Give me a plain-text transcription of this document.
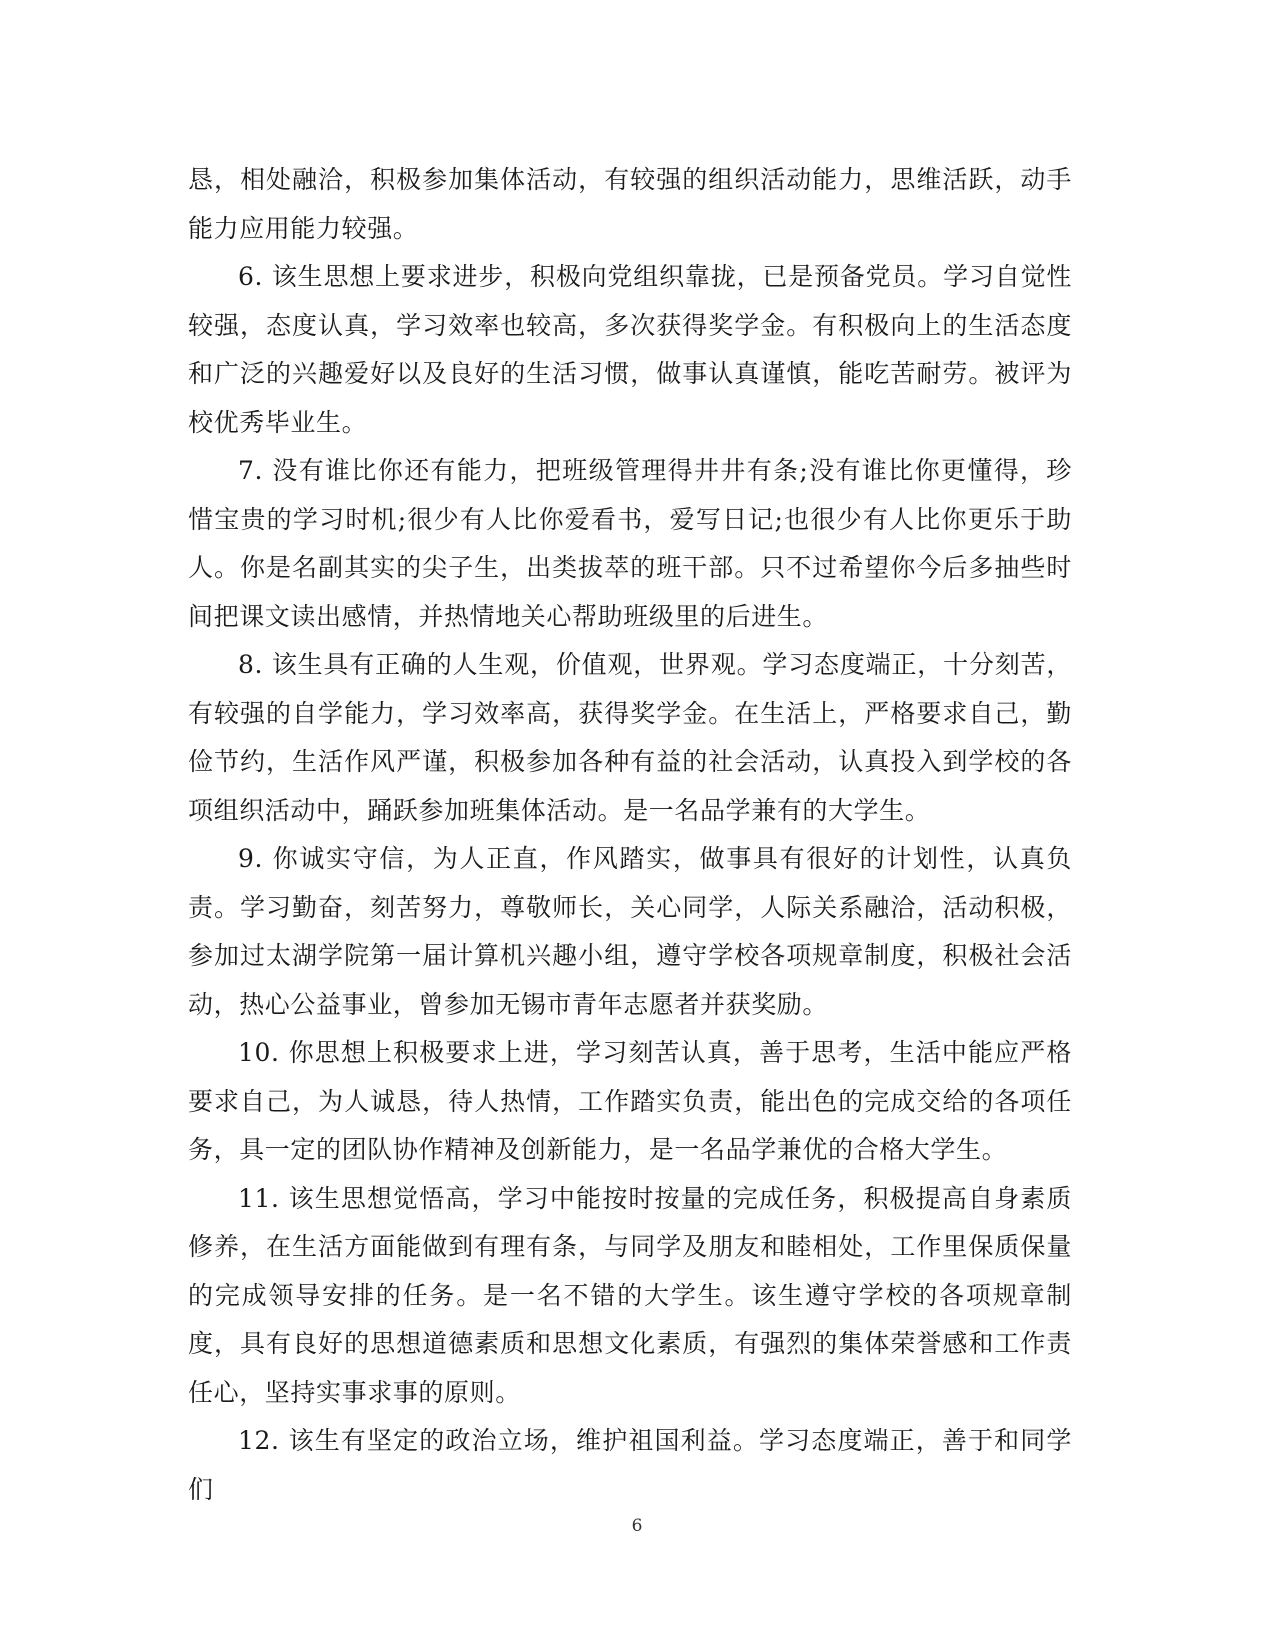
恳，相处融洽，积极参加集体活动，有较强的组织活动能力，思维活跃，动手能力应用能力较强。

6. 该生思想上要求进步，积极向党组织靠拢，已是预备党员。学习自觉性较强，态度认真，学习效率也较高，多次获得奖学金。有积极向上的生活态度和广泛的兴趣爱好以及良好的生活习惯，做事认真谨慎，能吃苦耐劳。被评为校优秀毕业生。

7. 没有谁比你还有能力，把班级管理得井井有条;没有谁比你更懂得，珍惜宝贵的学习时机;很少有人比你爱看书，爱写日记;也很少有人比你更乐于助人。你是名副其实的尖子生，出类拔萃的班干部。只不过希望你今后多抽些时间把课文读出感情，并热情地关心帮助班级里的后进生。

8. 该生具有正确的人生观，价值观，世界观。学习态度端正，十分刻苦，有较强的自学能力，学习效率高，获得奖学金。在生活上，严格要求自己，勤俭节约，生活作风严谨，积极参加各种有益的社会活动，认真投入到学校的各项组织活动中，踊跃参加班集体活动。是一名品学兼有的大学生。

9. 你诚实守信，为人正直，作风踏实，做事具有很好的计划性，认真负责。学习勤奋，刻苦努力，尊敬师长，关心同学，人际关系融洽，活动积极，参加过太湖学院第一届计算机兴趣小组，遵守学校各项规章制度，积极社会活动，热心公益事业，曾参加无锡市青年志愿者并获奖励。

10. 你思想上积极要求上进，学习刻苦认真，善于思考，生活中能应严格要求自己，为人诚恳，待人热情，工作踏实负责，能出色的完成交给的各项任务，具一定的团队协作精神及创新能力，是一名品学兼优的合格大学生。

11. 该生思想觉悟高，学习中能按时按量的完成任务，积极提高自身素质修养，在生活方面能做到有理有条，与同学及朋友和睦相处，工作里保质保量的完成领导安排的任务。是一名不错的大学生。该生遵守学校的各项规章制度，具有良好的思想道德素质和思想文化素质，有强烈的集体荣誉感和工作责任心，坚持实事求事的原则。

12. 该生有坚定的政治立场，维护祖国利益。学习态度端正，善于和同学们

6
